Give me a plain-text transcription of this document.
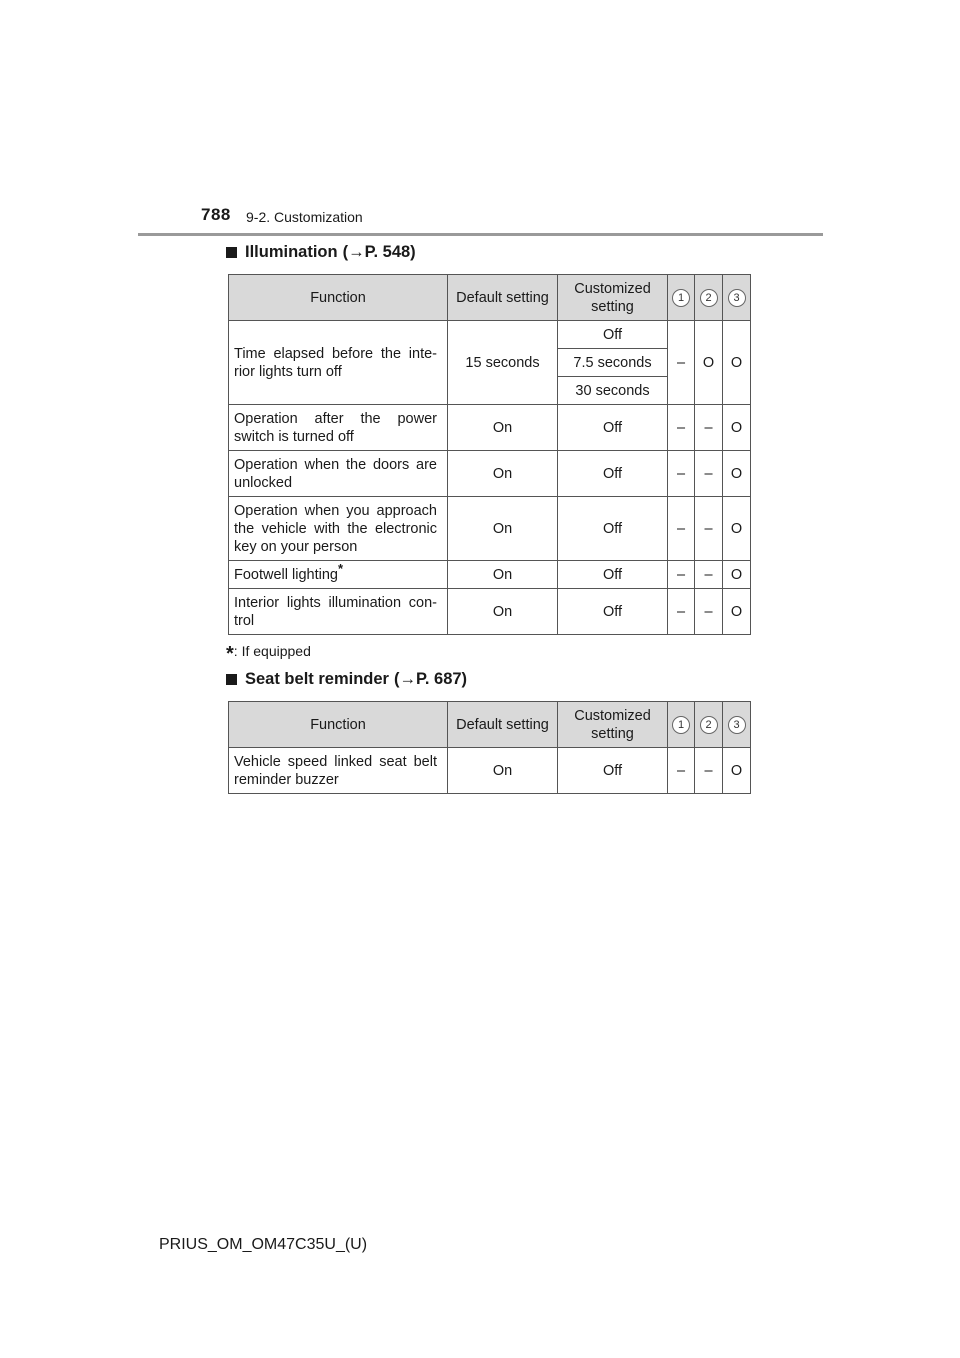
788 9-2. Customization
Illumination (→P. 548)
Function	Default setting	Customized setting	1	2	3
Time elapsed before the inte-rior lights turn off	15 seconds	Off	–	O	O
		7.5 seconds			
		30 seconds			
Operation after the power switch is turned off	On	Off	–	–	O
Operation when the doors are unlocked	On	Off	–	–	O
Operation when you approach the vehicle with the electronic key on your person	On	Off	–	–	O
Footwell lighting*	On	Off	–	–	O
Interior lights illumination con-trol	On	Off	–	–	O
*: If equipped
Seat belt reminder (→P. 687)
Function	Default setting	Customized setting	1	2	3
Vehicle speed linked seat belt reminder buzzer	On	Off	–	–	O
PRIUS_OM_OM47C35U_(U)
